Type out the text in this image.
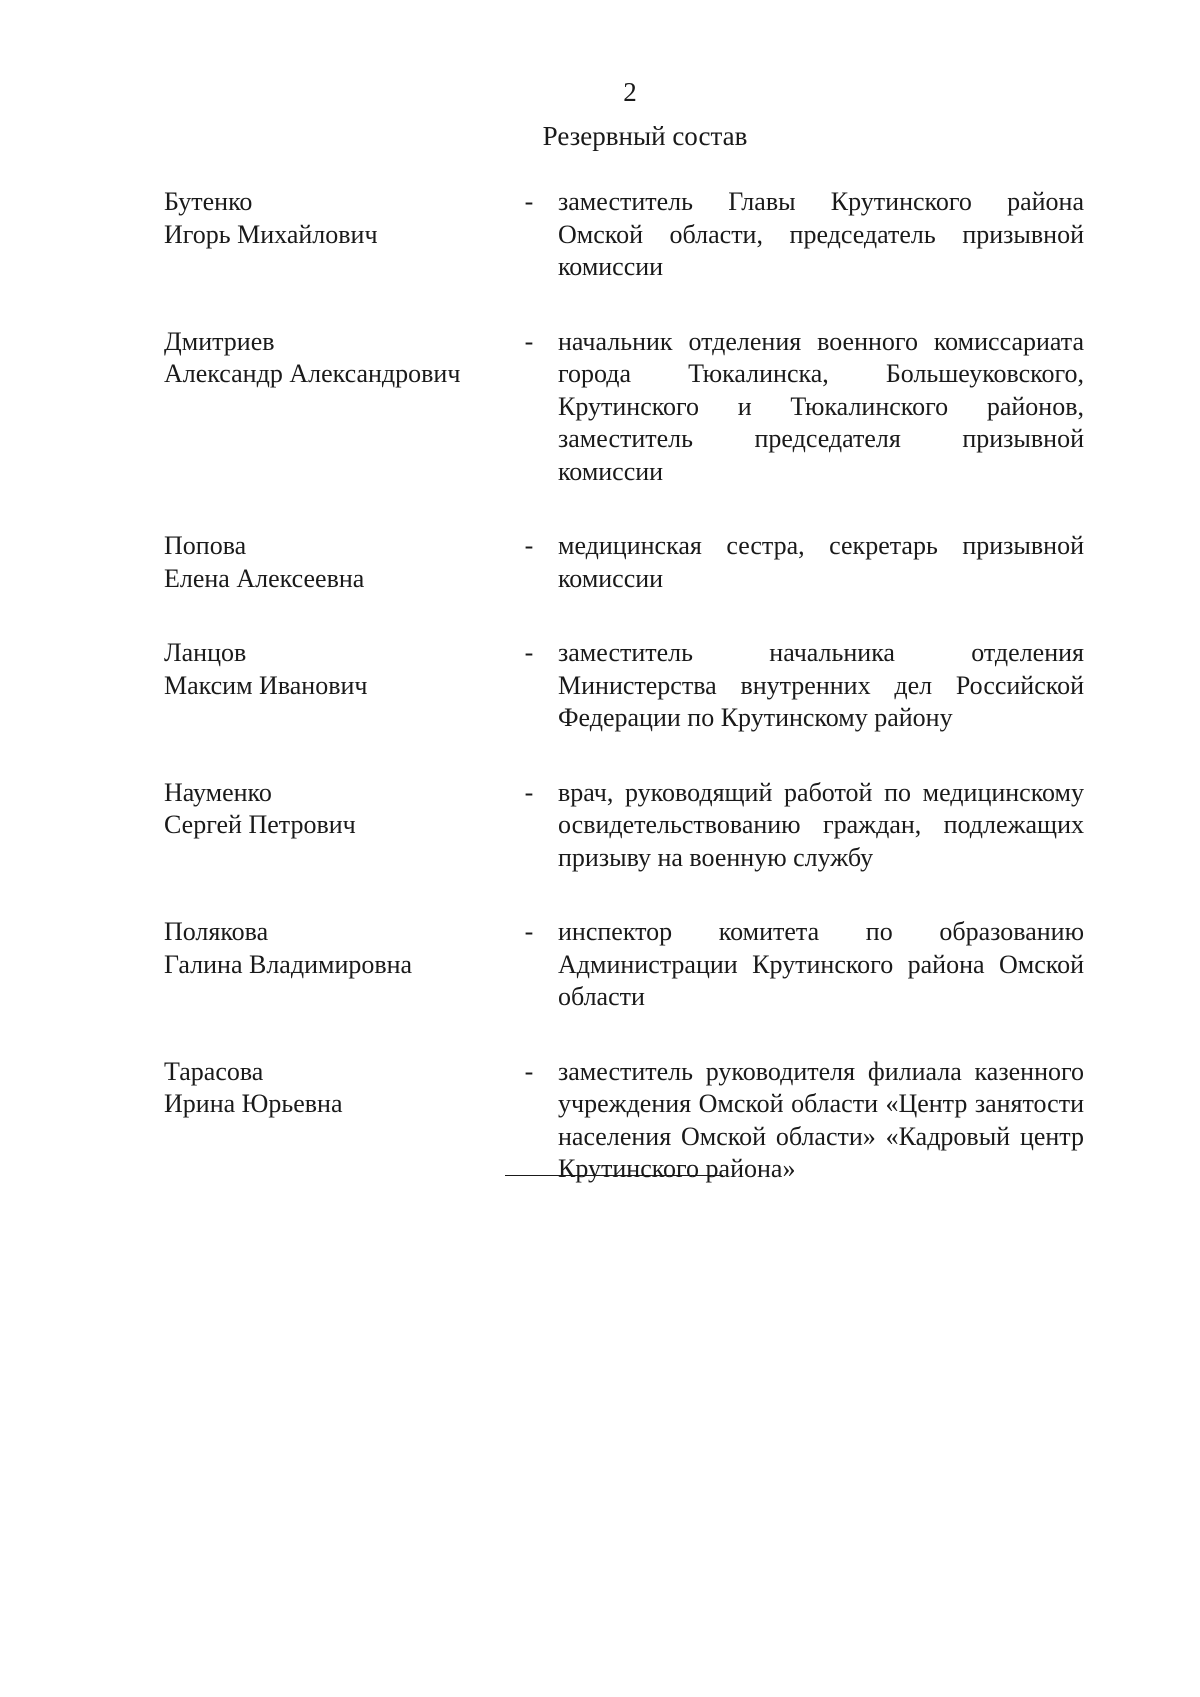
2
Резервный состав
Бутенко
Игорь Михайлович
- заместитель Главы Крутинского района Омской области, председатель призывной комиссии
Дмитриев
Александр Александрович
- начальник отделения военного комиссариата города Тюкалинска, Большеуковского, Крутинского и Тюкалинского районов, заместитель председателя призывной комиссии
Попова
Елена Алексеевна
- медицинская сестра, секретарь призывной комиссии
Ланцов
Максим Иванович
- заместитель начальника отделения Министерства внутренних дел Российской Федерации по Крутинскому району
Науменко
Сергей Петрович
- врач, руководящий работой по медицинскому освидетельствованию граждан, подлежащих призыву на военную службу
Полякова
Галина Владимировна
- инспектор комитета по образованию Администрации Крутинского района Омской области
Тарасова
Ирина Юрьевна
- заместитель руководителя филиала казенного учреждения Омской области «Центр занятости населения Омской области» «Кадровый центр Крутинского района»
